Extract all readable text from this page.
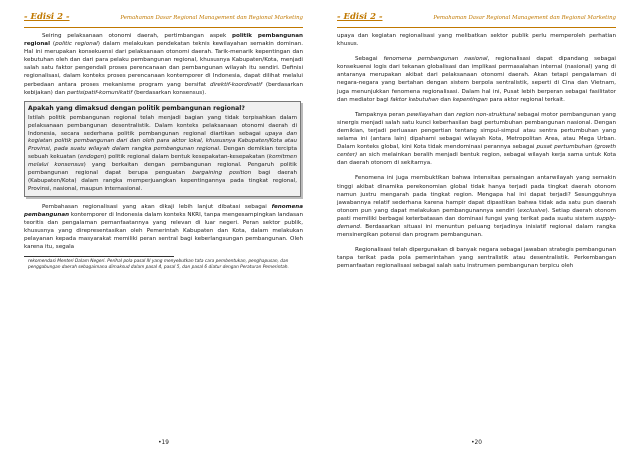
- Edisi 2 -	Pemahaman Dasar Regional Management dan Regional Marketing

Seiring pelaksanaan otonomi daerah, pertimbangan aspek politik pembangunan regional (politic regional) dalam melakukan pendekatan teknis kewilayahan semakin dominan. Hal ini merupakan konsekuensi dari pelaksanaan otonomi daerah. Tarik-menarik kepentingan dan kebutuhan oleh dan dari para pelaku pembangunan regional, khususnya Kabupaten/Kota, menjadi salah satu faktor pengendali proses perencanaan dan pembangunan wilayah itu sendiri. Definisi regionalisasi, dalam konteks proses perencanaan kontemporer di Indonesia, dapat dilihat melalui perbedaan antara proses mekanisme program yang bersifat direktif-koordinatif (berdasarkan kebijakan) dan partisipatif-komunikatif (berdasarkan konsensus).

Apakah yang dimaksud dengan politik pembangunan regional?

Istilah politik pembangunan regional telah menjadi bagian yang tidak terpisahkan dalam pelaksanaan pembangunan desentralistik. Dalam konteks pelaksanaan otonomi daerah di Indonesia, secara sederhana politik pembangunan regional diartikan sebagai upaya dan kegiatan politik pembangunan dari dan oleh para aktor lokal, khususnya Kabupaten/Kota atau Provinsi, pada suatu wilayah dalam rangka pembangunan regional. Dengan demikian tercipta sebuah kekuatan (endogen) politik regional dalam bentuk kesepakatan-kesepakatan (komitmen melalui konsensus) yang berkaitan dengan pembangunan regional. Pengaruh politik pembangunan regional dapat berupa penguatan bargaining position bagi daerah (Kabupaten/Kota) dalam rangka memperjuangkan kepentingannya pada tingkat regional, Provinsi, nasional, maupun internasional.

Pembahasan regionalisasi yang akan dikaji lebih lanjut dibatasi sebagai fenomena pembangunan kontemporer di Indonesia dalam konteks NKRI, tanpa mengesampingkan landasan teoritis dan pengalaman pemanfaatannya yang relevan di luar negeri. Peran sektor publik, khususnya yang direpresentasikan oleh Pemerintah Kabupaten dan Kota, dalam melakukan pelayanan kepada masyarakat memiliki peran sentral bagi keberlangsungan pembangunan. Oleh karena itu, segala

rekomendasi Menteri Dalam Negeri. Perihal pola pasal III yang menyebutkan tata cara pembentukan, penghapusan, dan penggabungan daerah sebagaimana dimaksud dalam pasal 4, pasal 5, dan pasal 6 diatur dengan Peraturan Pemerintah.

•19
- Edisi 2 -	Pemahaman Dasar Regional Management dan Regional Marketing

upaya dan kegiatan regionalisasi yang melibatkan sektor publik perlu memperoleh perhatian khusus.

Sebagai fenomena pembangunan nasional, regionalisasi dapat dipandang sebagai konsekuensi logis dari tekanan globalisasi dan implikasi permasalahan internal (nasional) yang di antaranya merupakan akibat dari pelaksanaan otonomi daerah. Akan tetapi pengalaman di negara-negara yang bertahan dengan sistem berpola sentralistik, seperti di Cina dan Vietnam, juga menunjukkan fenomena regionalisasi. Dalam hal ini, Pusat lebih berperan sebagai fasilitator dan mediator bagi faktor kebutuhan dan kepentingan para aktor regional terkait.

Tampaknya peran pewilayahan dan region non-struktural sebagai motor pembangunan yang sinergis menjadi salah satu kunci keberhasilan bagi pertumbuhan pembangunan nasional. Dengan demikian, terjadi perluasan pengertian tentang simpul-simpul atau sentra pertumbuhan yang selama ini (antara lain) dipahami sebagai wilayah Kota, Metropolitan Area, atau Mega Urban. Dalam konteks global, kini Kota tidak mendominasi perannya sebagai pusat pertumbuhan (growth center) an sich melainkan beralih menjadi bentuk region, sebagai wilayah kerja sama untuk Kota dan daerah otonom di sekitarnya.

Fenomena ini juga membuktikan bahwa intensitas persaingan antarwilayah yang semakin tinggi akibat dinamika perekonomian global tidak hanya terjadi pada tingkat daerah otonom namun justru mengarah pada tingkat region. Mengapa hal ini dapat terjadi? Sesungguhnya jawabannya relatif sederhana karena hampir dapat dipastikan bahwa tidak ada satu pun daerah otonom pun yang dapat melakukan pembangunannya sendiri (exclusive). Setiap daerah otonom pasti memiliki berbagai keterbatasan dan dominasi fungsi yang terikat pada suatu sistem supply-demand. Berdasarkan situasi ini menuntun peluang terjadinya inisiatif regional dalam rangka mensinergikan potensi dan program pembangunan.

Regionalisasi telah dipergunakan di banyak negara sebagai jawaban strategis pembangunan tanpa terikat pada pola pemerintahan yang sentralistik atau desentralistik. Perkembangan pemanfaatan regionalisasi sebagai salah satu instrumen pembangunan terpicu oleh

•20
